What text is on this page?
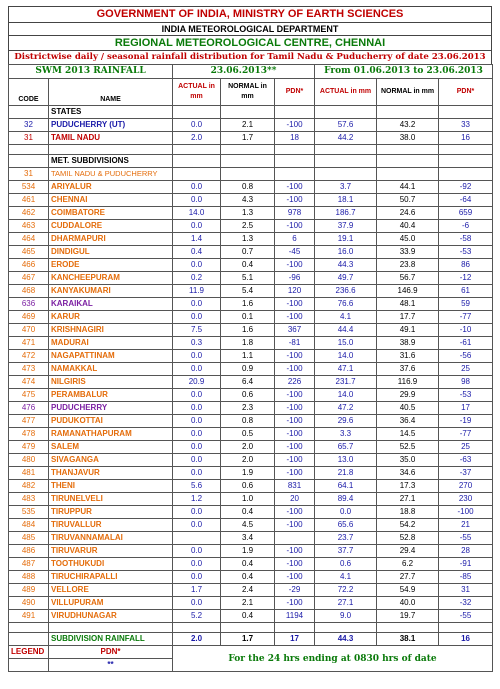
GOVERNMENT OF INDIA, MINISTRY OF EARTH SCIENCES
INDIA METEOROLOGICAL DEPARTMENT
REGIONAL METEOROLOGICAL CENTRE, CHENNAI
Districtwise daily / seasonal rainfall distribution for Tamil Nadu & Puducherry of date 23.06.2013
SWM 2013 RAINFALL		23.06.2013**			From 01.06.2013 to 23.06.2013		
CODE	NAME	ACTUAL in mm	NORMAL in mm	PDN*	ACTUAL in mm	NORMAL in mm	PDN*
	STATES						
32	PUDUCHERRY (UT)	0.0	2.1	-100	57.6	43.2	33
31	TAMIL NADU	2.0	1.7	18	44.2	38.0	16

	MET. SUBDIVISIONS						
31	TAMIL NADU & PUDUCHERRY						
534	ARIYALUR	0.0	0.8	-100	3.7	44.1	-92
461	CHENNAI	0.0	4.3	-100	18.1	50.7	-64
462	COIMBATORE	14.0	1.3	978	186.7	24.6	659
463	CUDDALORE	0.0	2.5	-100	37.9	40.4	-6
464	DHARMAPURI	1.4	1.3	6	19.1	45.0	-58
465	DINDIGUL	0.4	0.7	-45	16.0	33.9	-53
466	ERODE	0.0	0.4	-100	44.3	23.8	86
467	KANCHEEPURAM	0.2	5.1	-96	49.7	56.7	-12
468	KANYAKUMARI	11.9	5.4	120	236.6	146.9	61
636	KARAIKAL	0.0	1.6	-100	76.6	48.1	59
469	KARUR	0.0	0.1	-100	4.1	17.7	-77
470	KRISHNAGIRI	7.5	1.6	367	44.4	49.1	-10
471	MADURAI	0.3	1.8	-81	15.0	38.9	-61
472	NAGAPATTINAM	0.0	1.1	-100	14.0	31.6	-56
473	NAMAKKAL	0.0	0.9	-100	47.1	37.6	25
474	NILGIRIS	20.9	6.4	226	231.7	116.9	98
475	PERAMBALUR	0.0	0.6	-100	14.0	29.9	-53
476	PUDUCHERRY	0.0	2.3	-100	47.2	40.5	17
477	PUDUKOTTAI	0.0	0.8	-100	29.6	36.4	-19
478	RAMANATHAPURAM	0.0	0.5	-100	3.3	14.5	-77
479	SALEM	0.0	2.0	-100	65.7	52.5	25
480	SIVAGANGA	0.0	2.0	-100	13.0	35.0	-63
481	THANJAVUR	0.0	1.9	-100	21.8	34.6	-37
482	THENI	5.6	0.6	831	64.1	17.3	270
483	TIRUNELVELI	1.2	1.0	20	89.4	27.1	230
535	TIRUPPUR	0.0	0.4	-100	0.0	18.8	-100
484	TIRUVALLUR	0.0	4.5	-100	65.6	54.2	21
485	TIRUVANNAMALAI		3.4		23.7	52.8	-55
486	TIRUVARUR	0.0	1.9	-100	37.7	29.4	28
487	TOOTHUKUDI	0.0	0.4	-100	0.6	6.2	-91
488	TIRUCHIRAPALLI	0.0	0.4	-100	4.1	27.7	-85
489	VELLORE	1.7	2.4	-29	72.2	54.9	31
490	VILLUPURAM	0.0	2.1	-100	27.1	40.0	-32
491	VIRUDHUNAGAR	5.2	0.4	1194	9.0	19.7	-55

	SUBDIVISION RAINFALL	2.0	1.7	17	44.3	38.1	16
LEGEND	PDN*	For the 24 hrs ending at 0830 hrs of date					
	**						
